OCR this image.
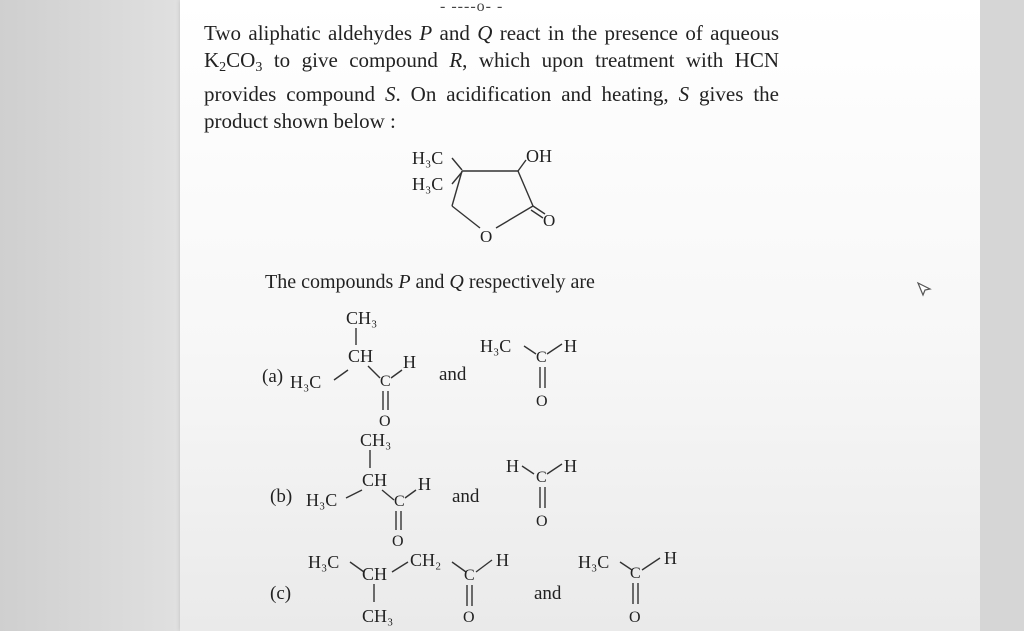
- ----o- -
Two aliphatic aldehydes P and Q react in the presence of aqueous K2CO3 to give compound R, which upon treatment with HCN provides compound S. On acidification and heating, S gives the product shown below :
H₃C
H₃C
OH
O
O
The compounds P and Q respectively are
(a)
CH₃
CH
H₃C	C
H
O
and
H₃C
C
H
O
(b)
CH₃
CH
H₃C	C
H
O
and
H
C
H
O
(c)
H₃C
CH
CH₂
C
H
O
CH₃
and
H₃C
C
H
O
